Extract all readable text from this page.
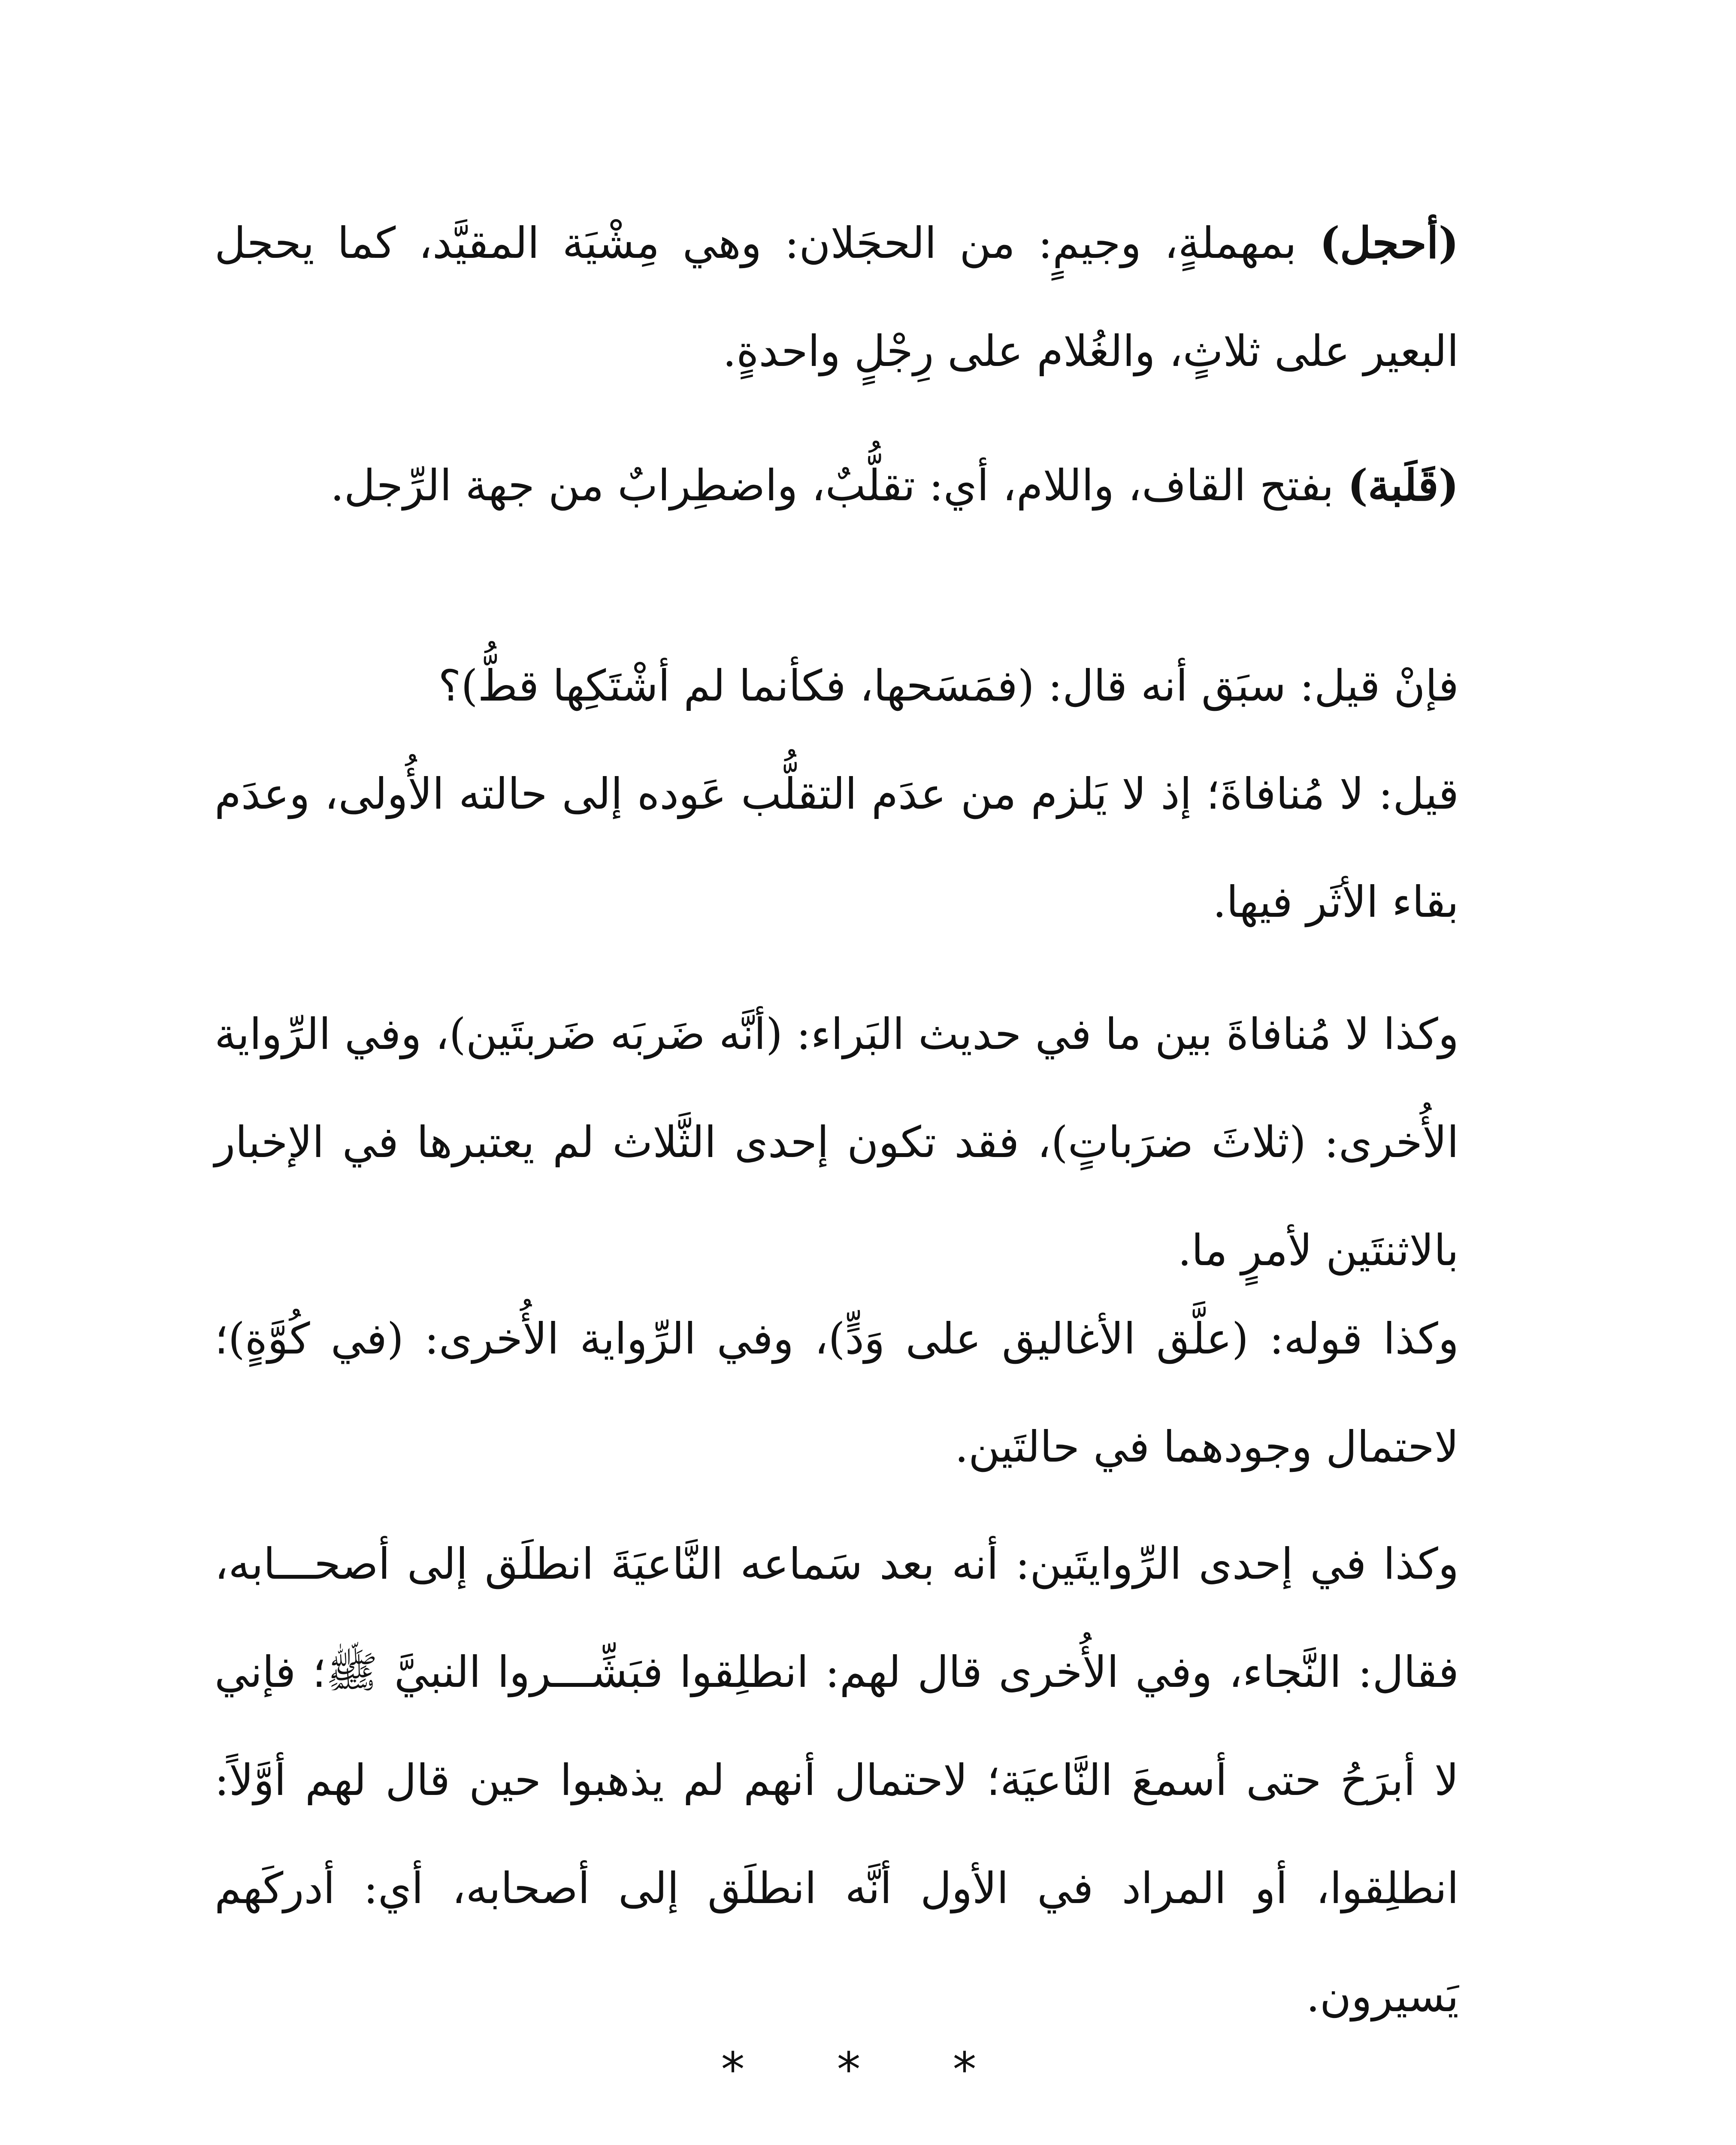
(أحجل) بمهملةٍ، وجيمٍ: من الحجَلان: وهي مِشْيَة المقيَّد، كما يحجل البعير على ثلاثٍ، والغُلام على رِجْلٍ واحدةٍ.

(قَلَبة) بفتح القاف، واللام، أي: تقلُّبٌ، واضطِرابٌ من جهة الرِّجل.

فإنْ قيل: سبَق أنه قال: (فمَسَحها، فكأنما لم أشْتَكِها قطُّ)؟
قيل: لا مُنافاةَ؛ إذ لا يَلزم من عدَم التقلُّب عَوده إلى حالته الأُولى، وعدَم بقاء الأثَر فيها.

وكذا لا مُنافاةَ بين ما في حديث البَراء: (أنَّه ضَربَه ضَربتَين)، وفي الرِّواية الأُخرى: (ثلاثَ ضرَباتٍ)، فقد تكون إحدى الثَّلاث لم يعتبرها في الإخبار بالاثنتَين لأمرٍ ما.

وكذا قوله: (علَّق الأغاليق على وَدٍّ)، وفي الرِّواية الأُخرى: (في كُوَّةٍ)؛ لاحتمال وجودهما في حالتَين.

وكذا في إحدى الرِّوايتَين: أنه بعد سَماعه النَّاعيَةَ انطلَق إلى أصحـــابه، فقال: النَّجاء، وفي الأُخرى قال لهم: انطلِقوا فبَشِّـــروا النبيَّ ﷺ؛ فإني لا أبرَحُ حتى أسمعَ النَّاعيَة؛ لاحتمال أنهم لم يذهبوا حين قال لهم أوَّلاً: انطلِقوا، أو المراد في الأول أنَّه انطلَق إلى أصحابه، أي: أدركَهم يَسيرون.

* * *
